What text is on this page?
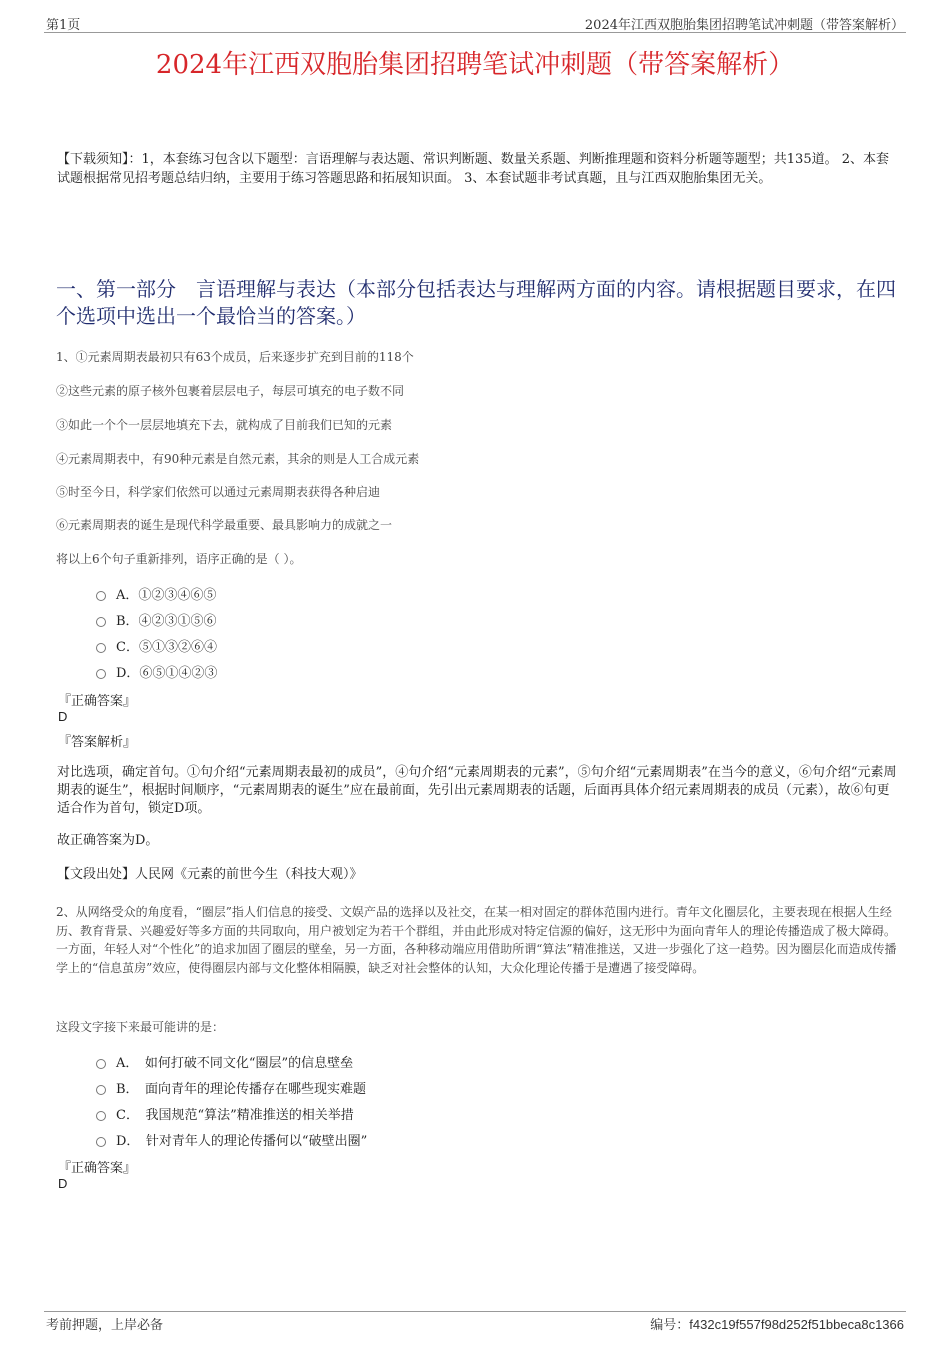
第1页	2024年江西双胞胎集团招聘笔试冲刺题（带答案解析）
2024年江西双胞胎集团招聘笔试冲刺题（带答案解析）
【下载须知】：1，本套练习包含以下题型：言语理解与表达题、常识判断题、数量关系题、判断推理题和资料分析题等题型；共135道。 2、本套试题根据常见招考题总结归纳，主要用于练习答题思路和拓展知识面。 3、本套试题非考试真题，且与江西双胞胎集团无关。
一、第一部分　言语理解与表达（本部分包括表达与理解两方面的内容。请根据题目要求，在四个选项中选出一个最恰当的答案。）
1、①元素周期表最初只有63个成员，后来逐步扩充到目前的118个
②这些元素的原子核外包裹着层层电子，每层可填充的电子数不同
③如此一个个一层层地填充下去，就构成了目前我们已知的元素
④元素周期表中，有90种元素是自然元素，其余的则是人工合成元素
⑤时至今日，科学家们依然可以通过元素周期表获得各种启迪
⑥元素周期表的诞生是现代科学最重要、最具影响力的成就之一
将以上6个句子重新排列，语序正确的是（ ）。
A．①②③④⑥⑤
B．④②③①⑤⑥
C．⑤①③②⑥④
D．⑥⑤①④②③
『正确答案』
D
『答案解析』
对比选项，确定首句。①句介绍“元素周期表最初的成员”，④句介绍“元素周期表的元素”，⑤句介绍“元素周期表”在当今的意义，⑥句介绍“元素周期表的诞生”，根据时间顺序，“元素周期表的诞生”应在最前面，先引出元素周期表的话题，后面再具体介绍元素周期表的成员（元素），故⑥句更适合作为首句，锁定D项。
故正确答案为D。
【文段出处】人民网《元素的前世今生（科技大观）》
2、从网络受众的角度看，“圈层”指人们信息的接受、文娱产品的选择以及社交，在某一相对固定的群体范围内进行。青年文化圈层化，主要表现在根据人生经历、教育背景、兴趣爱好等多方面的共同取向，用户被划定为若干个群组，并由此形成对特定信源的偏好，这无形中为面向青年人的理论传播造成了极大障碍。一方面，年轻人对“个性化”的追求加固了圈层的壁垒，另一方面，各种移动端应用借助所谓“算法”精准推送，又进一步强化了这一趋势。因为圈层化而造成传播学上的“信息茧房”效应，使得圈层内部与文化整体相隔膜，缺乏对社会整体的认知，大众化理论传播于是遭遇了接受障碍。
这段文字接下来最可能讲的是：
A．　如何打破不同文化“圈层”的信息壁垒
B．　面向青年的理论传播存在哪些现实难题
C．　我国规范“算法”精准推送的相关举措
D．　针对青年人的理论传播何以“破壁出圈”
『正确答案』
D
考前押题，上岸必备	编号：f432c19f557f98d252f51bbeca8c1366
